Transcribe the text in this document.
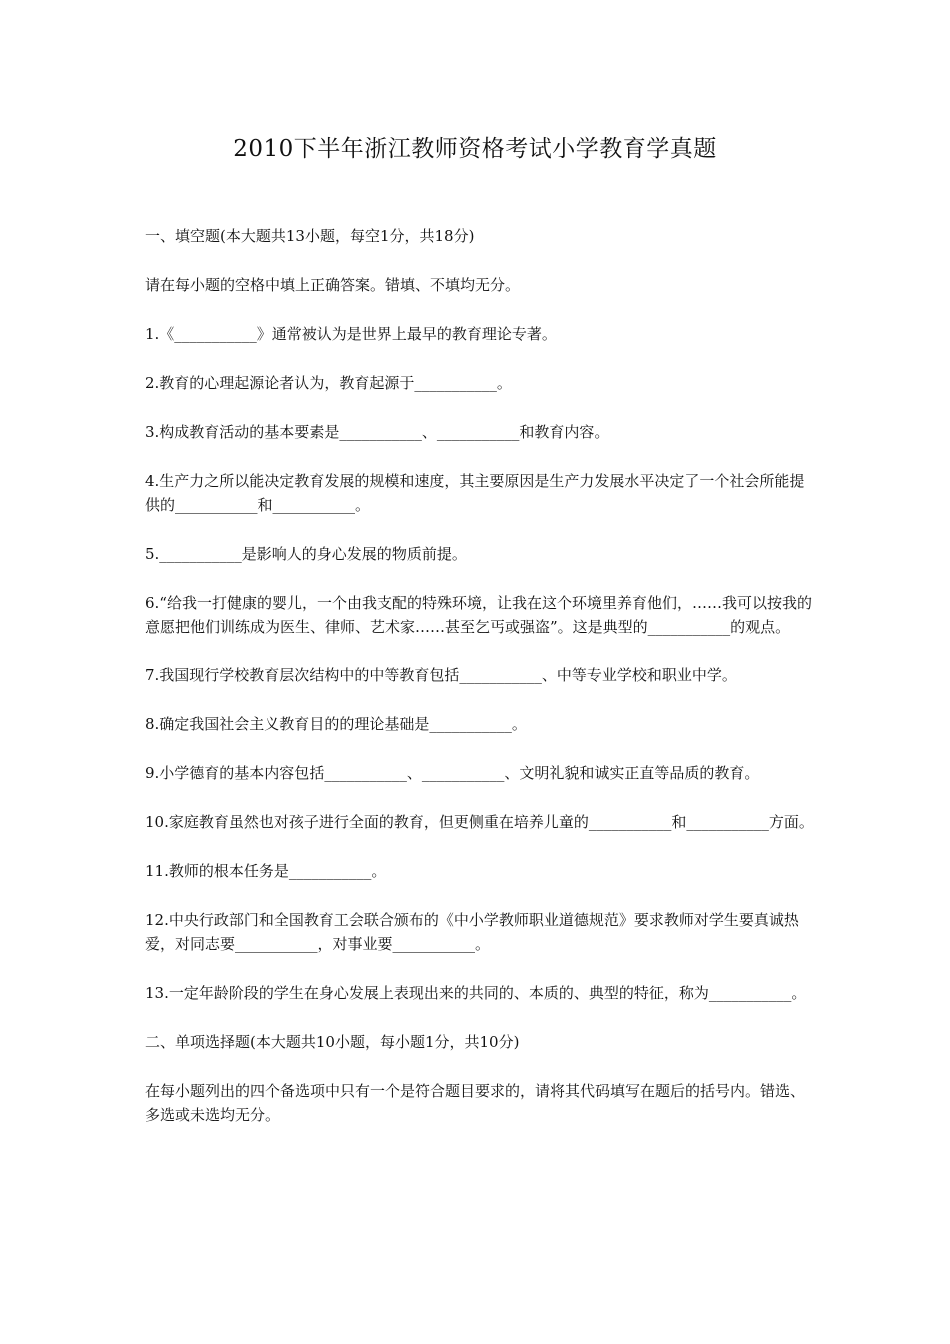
2010下半年浙江教师资格考试小学教育学真题

一、填空题(本大题共13小题，每空1分，共18分)

请在每小题的空格中填上正确答案。错填、不填均无分。

1.《___________》通常被认为是世界上最早的教育理论专著。

2.教育的心理起源论者认为，教育起源于___________。

3.构成教育活动的基本要素是___________、___________和教育内容。

4.生产力之所以能决定教育发展的规模和速度，其主要原因是生产力发展水平决定了一个社会所能提供的___________和___________。

5.___________是影响人的身心发展的物质前提。

6.“给我一打健康的婴儿，一个由我支配的特殊环境，让我在这个环境里养育他们，……我可以按我的意愿把他们训练成为医生、律师、艺术家……甚至乞丐或强盗”。这是典型的___________的观点。

7.我国现行学校教育层次结构中的中等教育包括___________、中等专业学校和职业中学。

8.确定我国社会主义教育目的的理论基础是___________。

9.小学德育的基本内容包括___________、___________、文明礼貌和诚实正直等品质的教育。

10.家庭教育虽然也对孩子进行全面的教育，但更侧重在培养儿童的___________和___________方面。

11.教师的根本任务是___________。

12.中央行政部门和全国教育工会联合颁布的《中小学教师职业道德规范》要求教师对学生要真诚热爱，对同志要___________，对事业要___________。

13.一定年龄阶段的学生在身心发展上表现出来的共同的、本质的、典型的特征，称为___________。

二、单项选择题(本大题共10小题，每小题1分，共10分)

在每小题列出的四个备选项中只有一个是符合题目要求的，请将其代码填写在题后的括号内。错选、多选或未选均无分。
